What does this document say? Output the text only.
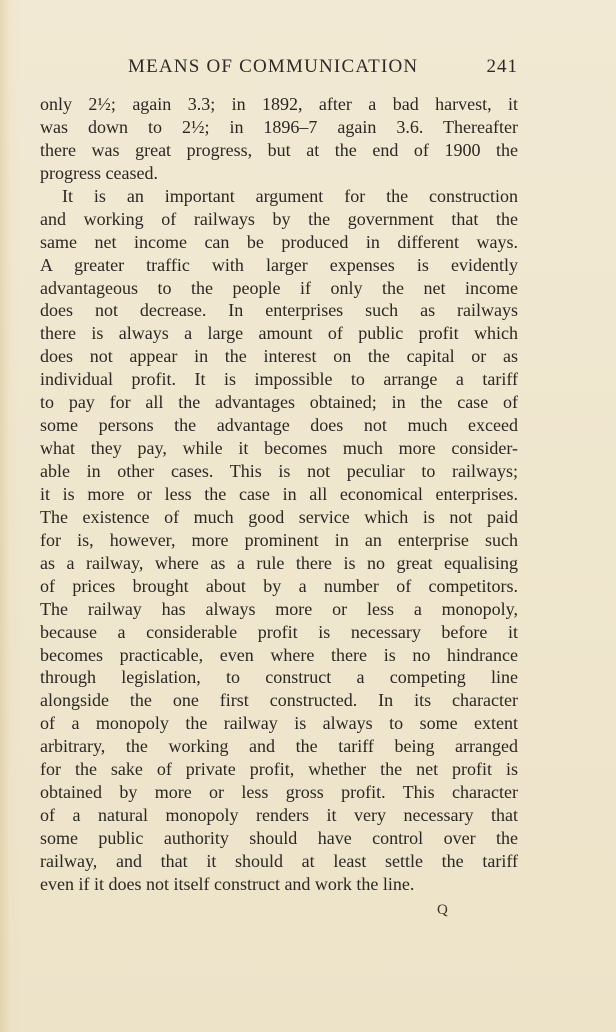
MEANS OF COMMUNICATION	241
only 2½; again 3.3; in 1892, after a bad harvest, it
was down to 2½; in 1896–7 again 3.6. Thereafter
there was great progress, but at the end of 1900 the
progress ceased.
It is an important argument for the construction
and working of railways by the government that the
same net income can be produced in different ways.
A greater traffic with larger expenses is evidently
advantageous to the people if only the net income
does not decrease. In enterprises such as railways
there is always a large amount of public profit which
does not appear in the interest on the capital or as
individual profit. It is impossible to arrange a tariff
to pay for all the advantages obtained; in the case of
some persons the advantage does not much exceed
what they pay, while it becomes much more consider-
able in other cases. This is not peculiar to railways;
it is more or less the case in all economical enterprises.
The existence of much good service which is not paid
for is, however, more prominent in an enterprise such
as a railway, where as a rule there is no great equalising
of prices brought about by a number of competitors.
The railway has always more or less a monopoly,
because a considerable profit is necessary before it
becomes practicable, even where there is no hindrance
through legislation, to construct a competing line
alongside the one first constructed. In its character
of a monopoly the railway is always to some extent
arbitrary, the working and the tariff being arranged
for the sake of private profit, whether the net profit is
obtained by more or less gross profit. This character
of a natural monopoly renders it very necessary that
some public authority should have control over the
railway, and that it should at least settle the tariff
even if it does not itself construct and work the line.
Q
